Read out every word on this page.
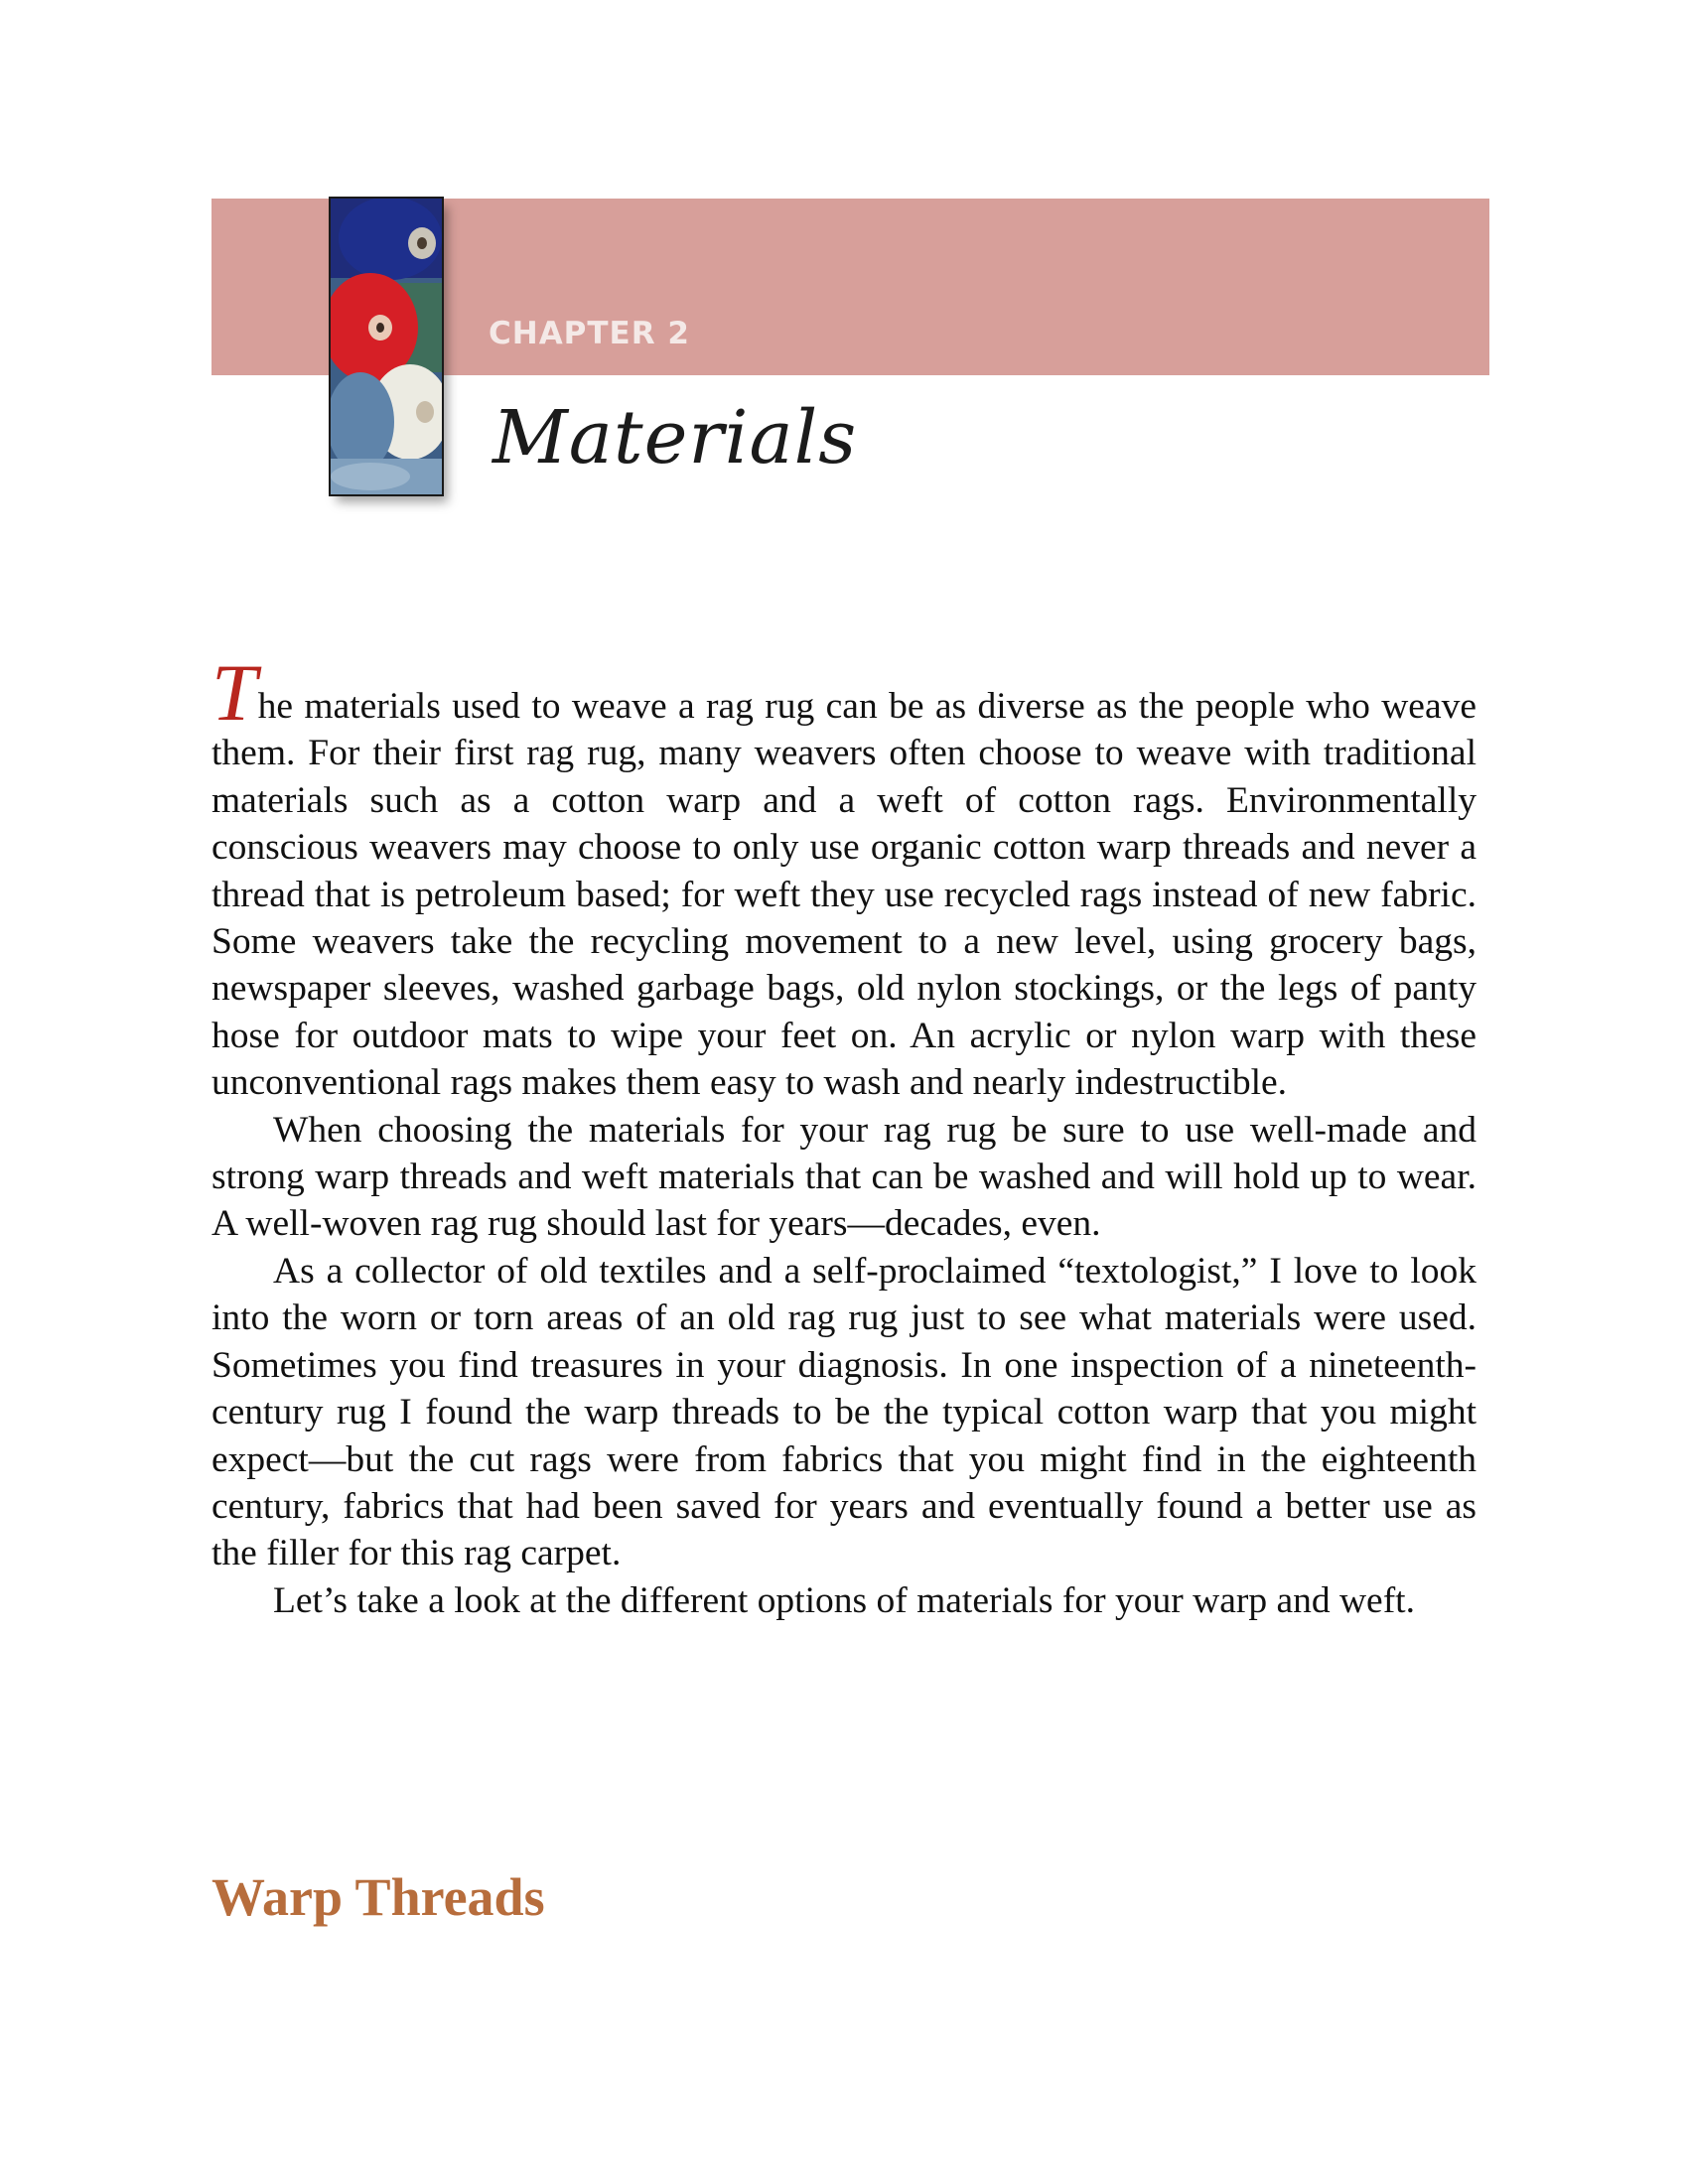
CHAPTER 2
Materials

The materials used to weave a rag rug can be as diverse as the people who weave them. For their first rag rug, many weavers often choose to weave with traditional materials such as a cotton warp and a weft of cotton rags. Environmentally conscious weavers may choose to only use organic cotton warp threads and never a thread that is petroleum based; for weft they use recycled rags instead of new fabric. Some weavers take the recycling movement to a new level, using grocery bags, newspaper sleeves, washed garbage bags, old nylon stockings, or the legs of panty hose for outdoor mats to wipe your feet on. An acrylic or nylon warp with these unconventional rags makes them easy to wash and nearly indestructible.

When choosing the materials for your rag rug be sure to use well-made and strong warp threads and weft materials that can be washed and will hold up to wear. A well-woven rag rug should last for years—decades, even.

As a collector of old textiles and a self-proclaimed “textologist,” I love to look into the worn or torn areas of an old rag rug just to see what materials were used. Sometimes you find treasures in your diagnosis. In one inspection of a nineteenth-century rug I found the warp threads to be the typical cotton warp that you might expect—but the cut rags were from fabrics that you might find in the eighteenth century, fabrics that had been saved for years and eventually found a better use as the filler for this rag carpet.

Let’s take a look at the different options of materials for your warp and weft.

Warp Threads
